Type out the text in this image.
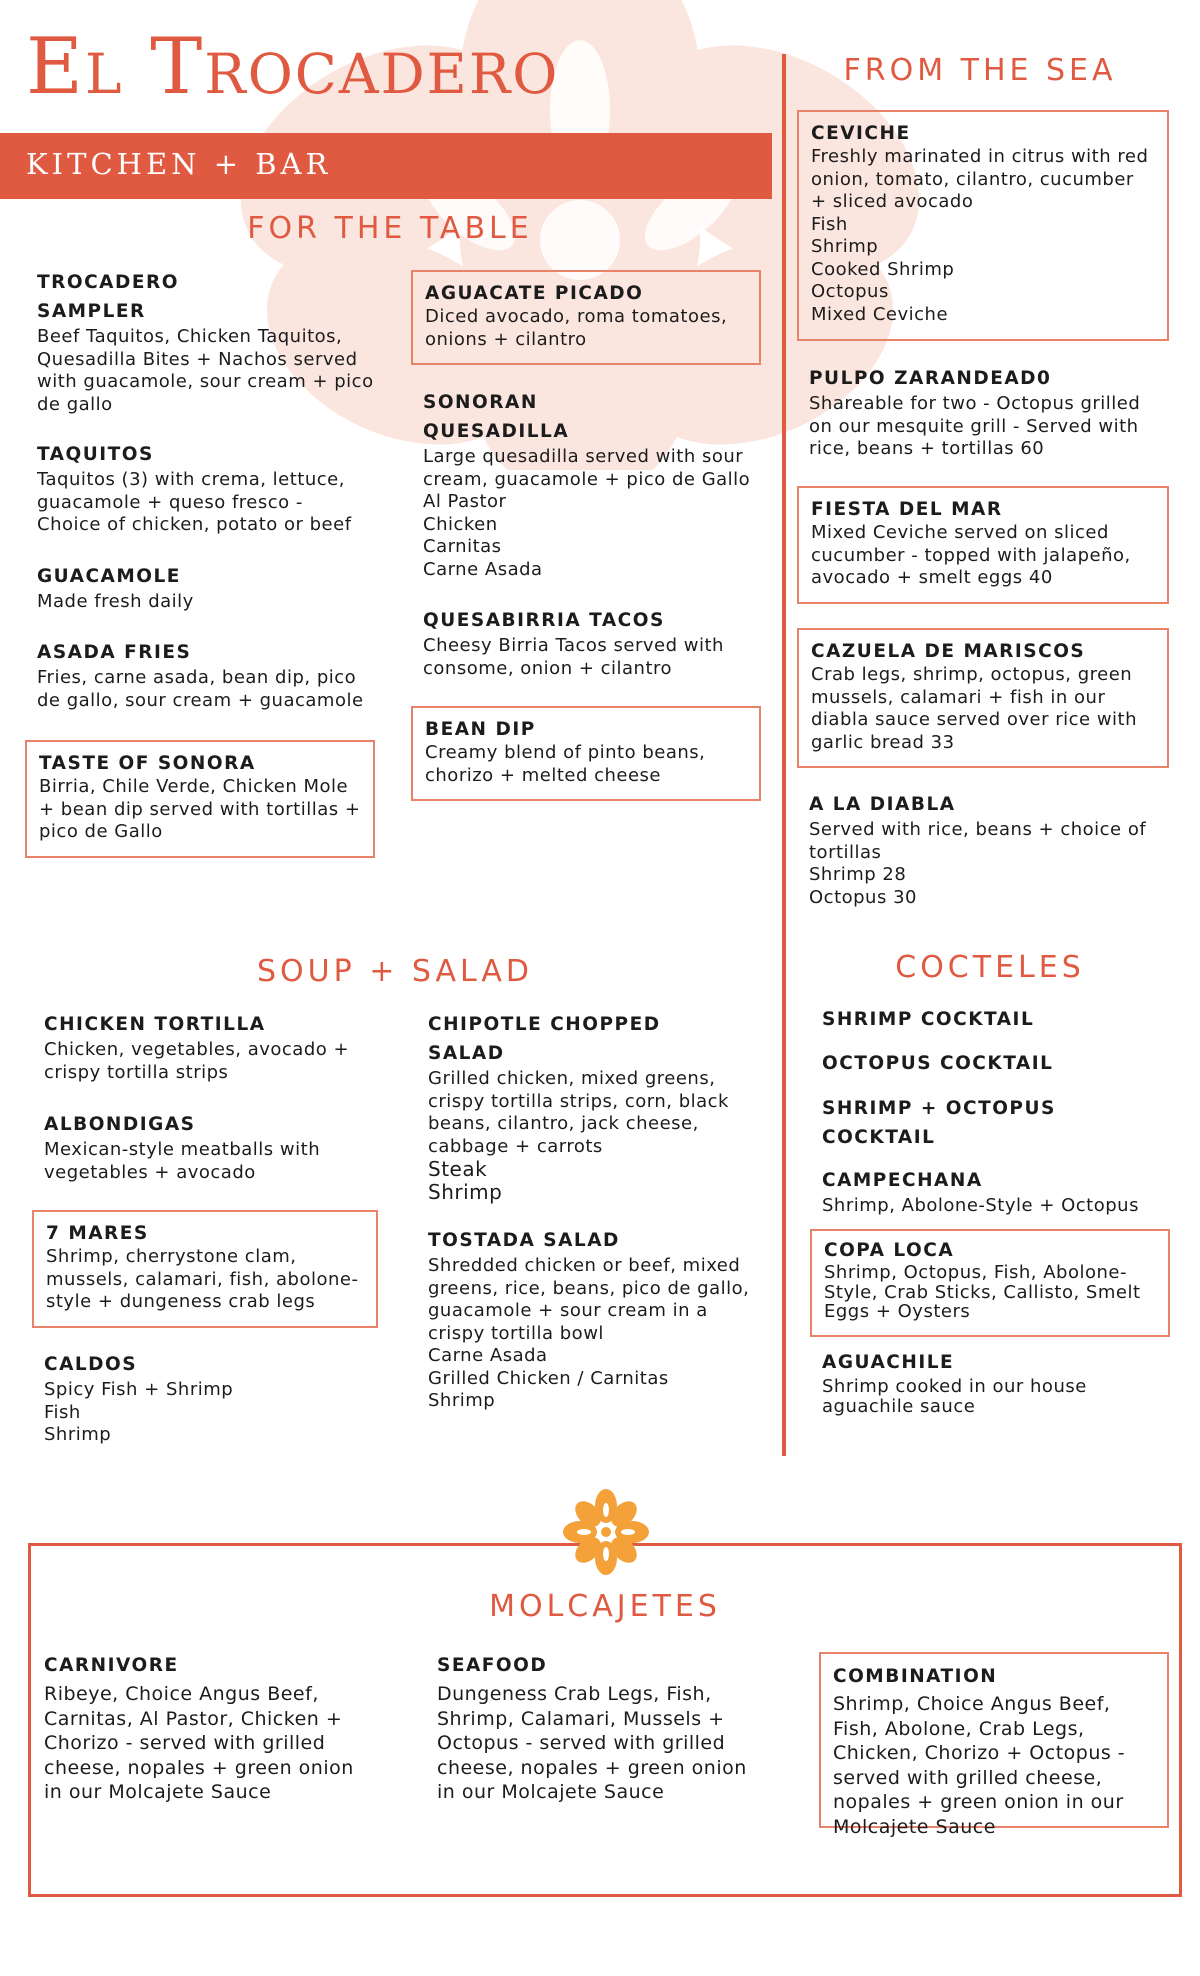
El Trocadero
KITCHEN + BAR
FOR THE TABLE
TROCADERO
SAMPLER
Beef Taquitos, Chicken Taquitos, Quesadilla Bites + Nachos served with guacamole, sour cream + pico de gallo
TAQUITOS
Taquitos (3) with crema, lettuce, guacamole + queso fresco - Choice of chicken, potato or beef
GUACAMOLE
Made fresh daily
ASADA FRIES
Fries, carne asada, bean dip, pico de gallo, sour cream + guacamole
TASTE OF SONORA
Birria, Chile Verde, Chicken Mole + bean dip served with tortillas + pico de Gallo
AGUACATE PICADO
Diced avocado, roma tomatoes, onions + cilantro
SONORAN
QUESADILLA
Large quesadilla served with sour cream, guacamole + pico de Gallo
Al Pastor
Chicken
Carnitas
Carne Asada
QUESABIRRIA TACOS
Cheesy Birria Tacos served with consome, onion + cilantro
BEAN DIP
Creamy blend of pinto beans, chorizo + melted cheese
FROM THE SEA
CEVICHE
Freshly marinated in citrus with red onion, tomato, cilantro, cucumber + sliced avocado
Fish
Shrimp
Cooked Shrimp
Octopus
Mixed Ceviche
PULPO ZARANDEAD0
Shareable for two - Octopus grilled on our mesquite grill - Served with rice, beans + tortillas 60
FIESTA DEL MAR
Mixed Ceviche served on sliced cucumber - topped with jalapeño, avocado + smelt eggs 40
CAZUELA DE MARISCOS
Crab legs, shrimp, octopus, green mussels, calamari + fish in our diabla sauce served over rice with garlic bread 33
A LA DIABLA
Served with rice, beans + choice of tortillas
Shrimp 28
Octopus 30
SOUP + SALAD
CHICKEN TORTILLA
Chicken, vegetables, avocado + crispy tortilla strips
ALBONDIGAS
Mexican-style meatballs with vegetables + avocado
7 MARES
Shrimp, cherrystone clam, mussels, calamari, fish, abolone-style + dungeness crab legs
CALDOS
Spicy Fish + Shrimp
Fish
Shrimp
CHIPOTLE CHOPPED
SALAD
Grilled chicken, mixed greens, crispy tortilla strips, corn, black beans, cilantro, jack cheese, cabbage + carrots
Steak
Shrimp
TOSTADA SALAD
Shredded chicken or beef, mixed greens, rice, beans, pico de gallo, guacamole + sour cream in a crispy tortilla bowl
Carne Asada
Grilled Chicken / Carnitas
Shrimp
COCTELES
SHRIMP COCKTAIL
OCTOPUS COCKTAIL
SHRIMP + OCTOPUS
COCKTAIL
CAMPECHANA
Shrimp, Abolone-Style + Octopus
COPA LOCA
Shrimp, Octopus, Fish, Abolone-Style, Crab Sticks, Callisto, Smelt Eggs + Oysters
AGUACHILE
Shrimp cooked in our house aguachile sauce
MOLCAJETES
CARNIVORE
Ribeye, Choice Angus Beef, Carnitas, Al Pastor, Chicken + Chorizo - served with grilled cheese, nopales + green onion in our Molcajete Sauce
SEAFOOD
Dungeness Crab Legs, Fish, Shrimp, Calamari, Mussels + Octopus - served with grilled cheese, nopales + green onion in our Molcajete Sauce
COMBINATION
Shrimp, Choice Angus Beef, Fish, Abolone, Crab Legs, Chicken, Chorizo + Octopus - served with grilled cheese, nopales + green onion in our Molcajete Sauce
